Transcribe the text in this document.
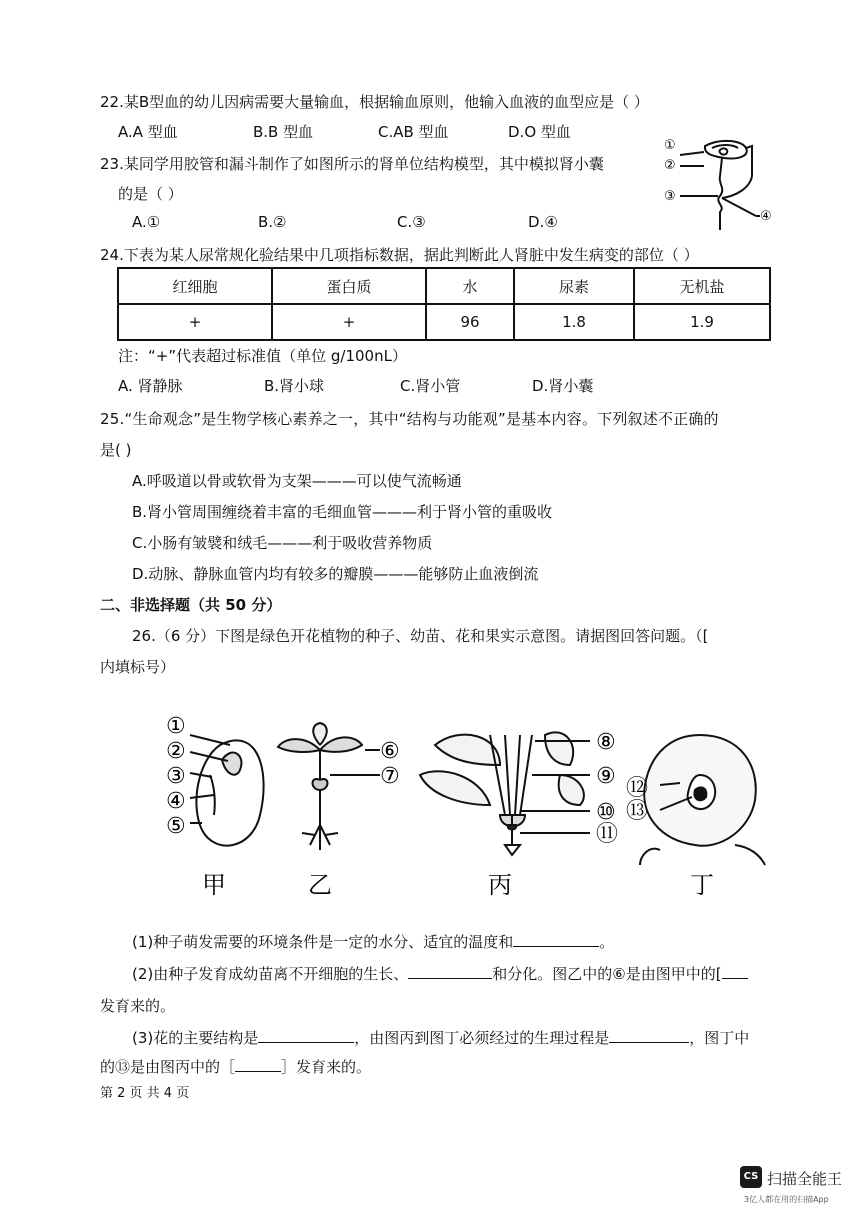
22.某B型血的幼儿因病需要大量输血，根据输血原则，他输入血液的血型应是（ ）
A.A 型血	B.B 型血	C.AB 型血	D.O 型血
23.某同学用胶管和漏斗制作了如图所示的肾单位结构模型，其中模拟肾小囊
的是（ ）
A.①	B.②	C.③	D.④
①
②
③
④
24.下表为某人尿常规化验结果中几项指标数据，据此判断此人肾脏中发生病变的部位（ ）
红细胞	蛋白质	水	尿素	无机盐
+	+	96	1.8	1.9
注：“+”代表超过标准值（单位 g/100nL）
A. 肾静脉	B.肾小球	C.肾小管	D.肾小囊
25.“生命观念”是生物学核心素养之一，其中“结构与功能观”是基本内容。下列叙述不正确的
是( )
A.呼吸道以骨或软骨为支架———可以使气流畅通
B.肾小管周围缠绕着丰富的毛细血管———利于肾小管的重吸收
C.小肠有皱襞和绒毛———利于吸收营养物质
D.动脉、静脉血管内均有较多的瓣膜———能够防止血液倒流
二、非选择题（共 50 分）
26.（6 分）下图是绿色开花植物的种子、幼苗、花和果实示意图。请据图回答问题。（[
内填标号）
①
②
③
④
⑤
⑥
⑦
⑧
⑨
⑩
⑪
⑫
⑬
甲	乙	丙	丁
(1)种子萌发需要的环境条件是一定的水分、适宜的温度和	。
(2)由种子发育成幼苗离不开细胞的生长、	和分化。图乙中的⑥是由图甲中的[
发育来的。
(3)花的主要结构是	，由图丙到图丁必须经过的生理过程是	，图丁中
的⑬是由图丙中的［	］发育来的。
第 2 页 共 4 页
CS 扫描全能王
3亿人都在用的扫描App
